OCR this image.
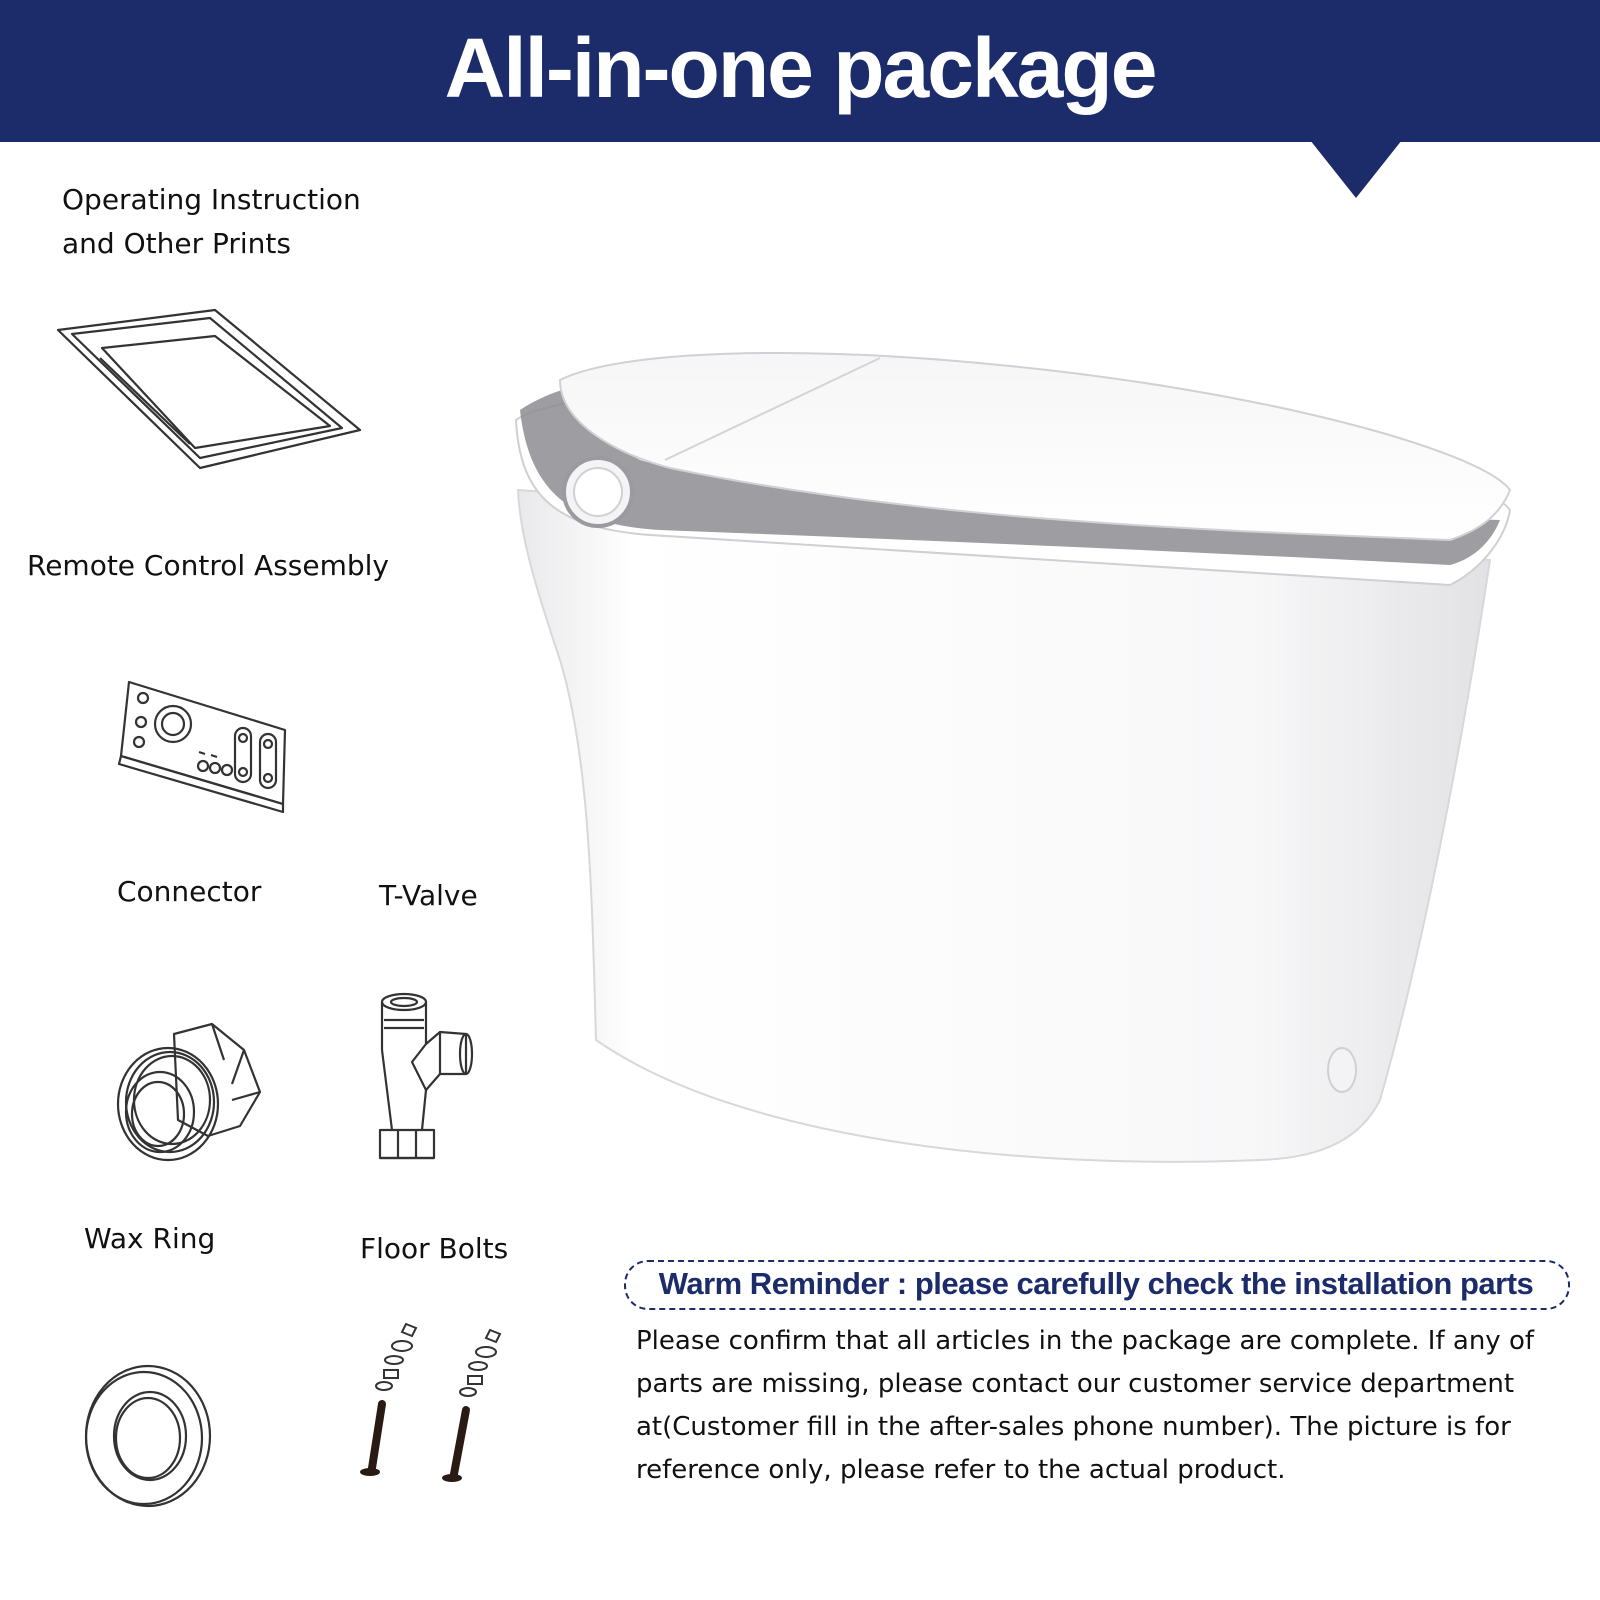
All-in-one package
Operating Instruction
and Other Prints
Remote Control Assembly
Connector	T-Valve
Wax Ring	Floor Bolts
Warm Reminder : please carefully check the installation parts
Please confirm that all articles in the package are complete. If any of parts are missing, please contact our customer service department at(Customer fill in the after-sales phone number). The picture is for reference only, please refer to the actual product.
